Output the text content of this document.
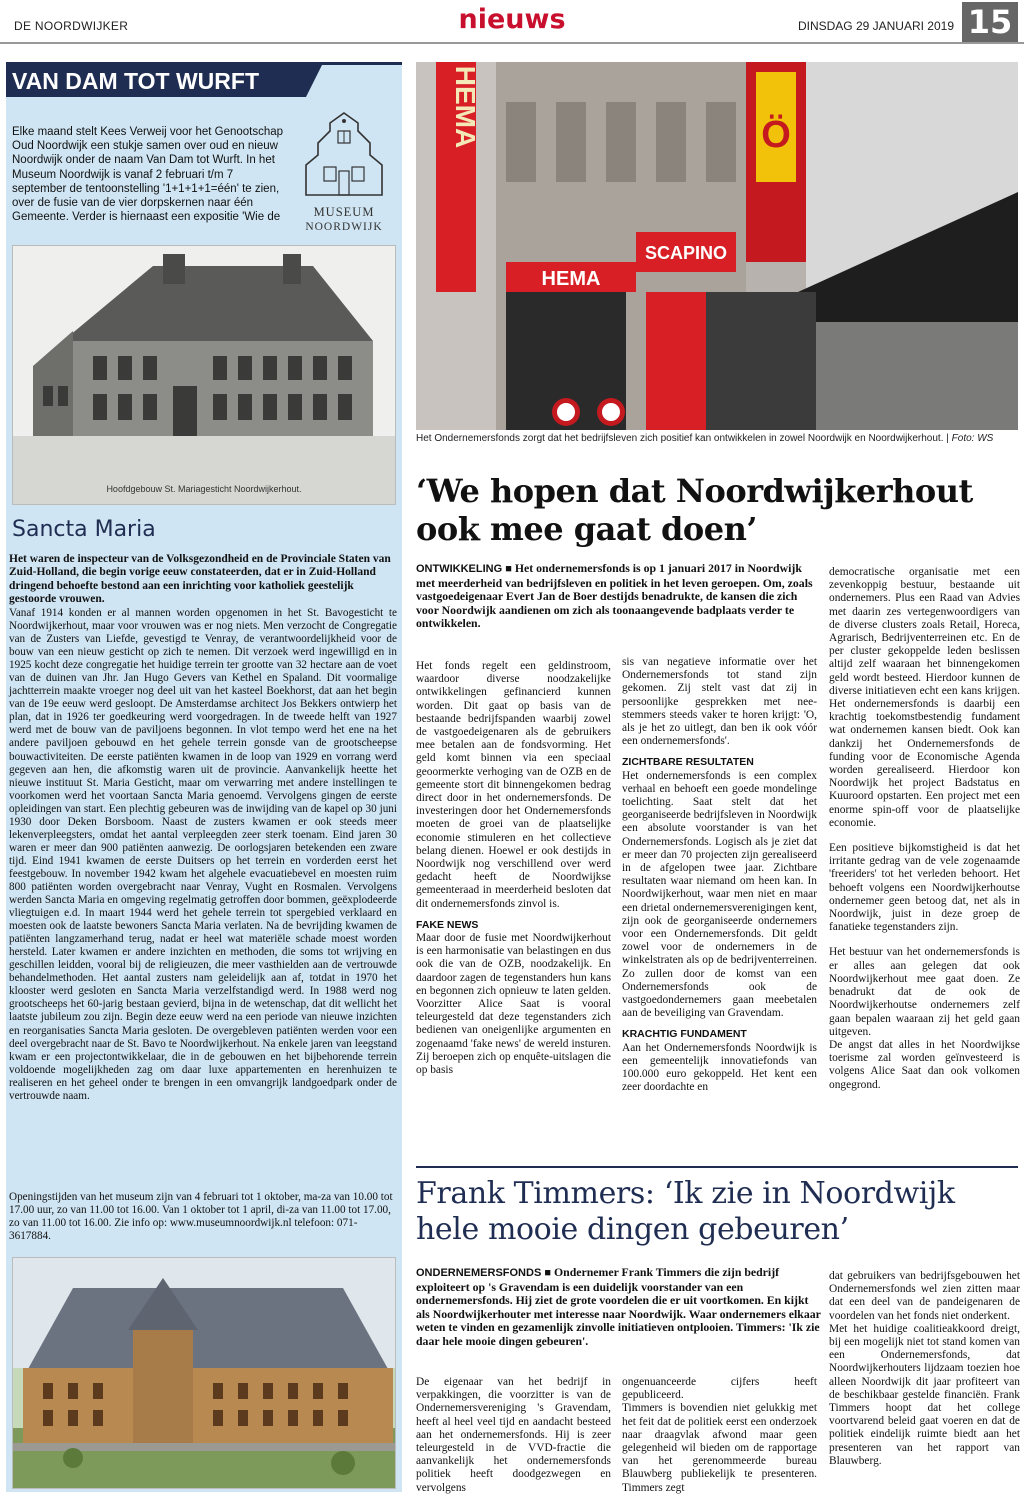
DE NOORDWIJKER	nieuws	DINSDAG 29 JANUARI 2019 15
VAN DAM TOT WURFT
Elke maand stelt Kees Verweij voor het Genootschap Oud Noordwijk een stukje samen over oud en nieuw Noordwijk onder de naam Van Dam tot Wurft. In het Museum Noordwijk is vanaf 2 februari t/m 7 september de tentoonstelling '1+1+1+1=één' te zien, over de fusie van de vier dorpskernen naar één Gemeente. Verder is hiernaast een expositie 'Wie de	MUSEUM
NOORDWIJK
Hoofdgebouw St. Mariagesticht Noordwijkerhout.
Sancta Maria
Het waren de inspecteur van de Volksgezondheid en de Provinciale Staten van Zuid-Holland, die begin vorige eeuw constateerden, dat er in Zuid-Holland dringend behoefte bestond aan een inrichting voor katholiek geestelijk gestoorde vrouwen.
Vanaf 1914 konden er al mannen worden opgenomen in het St. Bavogesticht te Noordwijkerhout, maar voor vrouwen was er nog niets. Men verzocht de Congregatie van de Zusters van Liefde, gevestigd te Venray, de verantwoordelijkheid voor de bouw van een nieuw gesticht op zich te nemen. Dit verzoek werd ingewilligd en in 1925 kocht deze congregatie het huidige terrein ter grootte van 32 hectare aan de voet van de duinen van Jhr. Jan Hugo Gevers van Kethel en Spaland. Dit voormalige jachtterrein maakte vroeger nog deel uit van het kasteel Boekhorst, dat aan het begin van de 19e eeuw werd gesloopt. De Amsterdamse architect Jos Bekkers ontwierp het plan, dat in 1926 ter goedkeuring werd voorgedragen. In de tweede helft van 1927 werd met de bouw van de paviljoens begonnen. In vlot tempo werd het ene na het andere paviljoen gebouwd en het gehele terrein gonsde van de grootscheepse bouwactiviteiten. De eerste patiënten kwamen in de loop van 1929 en vorrang werd gegeven aan hen, die afkomstig waren uit de provincie. Aanvankelijk heette het nieuwe instituut St. Maria Gesticht, maar om verwarring met andere instellingen te voorkomen werd het voortaan Sancta Maria genoemd. Vervolgens gingen de eerste opleidingen van start. Een plechtig gebeuren was de inwijding van de kapel op 30 juni 1930 door Deken Borsboom. Naast de zusters kwamen er ook steeds meer lekenverpleegsters, omdat het aantal verpleegden zeer sterk toenam. Eind jaren 30 waren er meer dan 900 patiënten aanwezig. De oorlogsjaren betekenden een zware tijd. Eind 1941 kwamen de eerste Duitsers op het terrein en vorderden eerst het feestgebouw. In november 1942 kwam het algehele evacuatiebevel en moesten ruim 800 patiënten worden overgebracht naar Venray, Vught en Rosmalen. Vervolgens werden Sancta Maria en omgeving regelmatig getroffen door bommen, geëxplodeerde vliegtuigen e.d. In maart 1944 werd het gehele terrein tot spergebied verklaard en moesten ook de laatste bewoners Sancta Maria verlaten. Na de bevrijding kwamen de patiënten langzamerhand terug, nadat er heel wat materiële schade moest worden hersteld. Later kwamen er andere inzichten en methoden, die soms tot wrijving en geschillen leidden, vooral bij de religieuzen, die meer vasthielden aan de vertrouwde behandelmethoden. Het aantal zusters nam geleidelijk aan af, totdat in 1970 het klooster werd gesloten en Sancta Maria verzelfstandigd werd. In 1988 werd nog grootscheeps het 60-jarig bestaan gevierd, bijna in de wetenschap, dat dit wellicht het laatste jubileum zou zijn. Begin deze eeuw werd na een periode van nieuwe inzichten en reorganisaties Sancta Maria gesloten. De overgebleven patiënten werden voor een deel overgebracht naar de St. Bavo te Noordwijkerhout. Na enkele jaren van leegstand kwam er een projectontwikkelaar, die in de gebouwen en het bijbehorende terrein voldoende mogelijkheden zag om daar luxe appartementen en herenhuizen te realiseren en het geheel onder te brengen in een omvangrijk landgoedpark onder de vertrouwde naam.
Openingstijden van het museum zijn van 4 februari tot 1 oktober, ma-za van 10.00 tot 17.00 uur, zo van 11.00 tot 16.00. Van 1 oktober tot 1 april, di-za van 11.00 tot 17.00, zo van 11.00 tot 16.00. Zie info op: www.museumnoordwijk.nl telefoon: 071-3617884.
HEMA
HEMA
SCAPINO
Ö
Het Ondernemersfonds zorgt dat het bedrijfsleven zich positief kan ontwikkelen in zowel Noordwijk en Noordwijkerhout. | Foto: WS
‘We hopen dat Noordwijkerhout ook mee gaat doen’
ONTWIKKELING ■ Het ondernemersfonds is op 1 januari 2017 in Noordwijk met meerderheid van bedrijfsleven en politiek in het leven geroepen. Om, zoals vastgoedeigenaar Evert Jan de Boer destijds benadrukte, de kansen die zich voor Noordwijk aandienen om zich als toonaangevende badplaats verder te ontwikkelen.

Het fonds regelt een geldinstroom, waardoor diverse noodzakelijke ontwikkelingen gefinancierd kunnen worden. Dit gaat op basis van de bestaande bedrijfspanden waarbij zowel de vastgoedeigenaren als de gebruikers mee betalen aan de fondsvorming. Het geld komt binnen via een speciaal geoormerkte verhoging van de OZB en de gemeente stort dit binnengekomen bedrag direct door in het ondernemersfonds. De investeringen door het Ondernemersfonds moeten de groei van de plaatselijke economie stimuleren en het collectieve belang dienen. Hoewel er ook destijds in Noordwijk nog verschillend over werd gedacht heeft de Noordwijkse gemeenteraad in meerderheid besloten dat dit ondernemersfonds zinvol is.

FAKE NEWS

Maar door de fusie met Noordwijkerhout is een harmonisatie van belastingen en dus ook die van de OZB, noodzakelijk. En daardoor zagen de tegenstanders hun kans en begonnen zich opnieuw te laten gelden. Voorzitter Alice Saat is vooral teleurgesteld dat deze tegenstanders zich bedienen van oneigenlijke argumenten en zogenaamd 'fake news' de wereld insturen. Zij beroepen zich op enquête-uitslagen die op basis

sis van negatieve informatie over het Ondernemersfonds tot stand zijn gekomen. Zij stelt vast dat zij in persoonlijke gesprekken met nee-stemmers steeds vaker te horen krijgt: 'O, als je het zo uitlegt, dan ben ik ook vóór een ondernemersfonds'.

ZICHTBARE RESULTATEN

Het ondernemersfonds is een complex verhaal en behoeft een goede mondelinge toelichting. Saat stelt dat het georganiseerde bedrijfsleven in Noordwijk een absolute voorstander is van het Ondernemersfonds. Logisch als je ziet dat er meer dan 70 projecten zijn gerealiseerd in de afgelopen twee jaar. Zichtbare resultaten waar niemand om heen kan. In Noordwijkerhout, waar men niet en maar een drietal ondernemersverenigingen kent, zijn ook de georganiseerde ondernemers voor een Ondernemersfonds. Dit geldt zowel voor de ondernemers in de winkelstraten als op de bedrijventerreinen. Zo zullen door de komst van een Ondernemersfonds ook de vastgoedondernemers gaan meebetalen aan de beveiliging van Gravendam.

KRACHTIG FUNDAMENT

Aan het Ondernemersfonds Noordwijk is een gemeentelijk innovatiefonds van 100.000 euro gekoppeld. Het kent een zeer doordachte en

democratische organisatie met een zevenkoppig bestuur, bestaande uit ondernemers. Plus een Raad van Advies met daarin zes vertegenwoordigers van de diverse clusters zoals Retail, Horeca, Agrarisch, Bedrijventerreinen etc. En de per cluster gekoppelde leden beslissen altijd zelf waaraan het binnengekomen geld wordt besteed. Hierdoor kunnen de diverse initiatieven echt een kans krijgen. Het ondernemersfonds is daarbij een krachtig toekomstbestendig fundament wat ondernemen kansen biedt. Ook kan dankzij het Ondernemersfonds de funding voor de Economische Agenda worden gerealiseerd. Hierdoor kon Noordwijk het project Badstatus en Kuuroord opstarten. Een project met een enorme spin-off voor de plaatselijke economie.

Een positieve bijkomstigheid is dat het irritante gedrag van de vele zogenaamde 'freeriders' tot het verleden behoort. Het behoeft volgens een Noordwijkerhoutse ondernemer geen betoog dat, net als in Noordwijk, juist in deze groep de fanatieke tegenstanders zijn.

Het bestuur van het ondernemersfonds is er alles aan gelegen dat ook Noordwijkerhout mee gaat doen. Ze benadrukt dat de ook de Noordwijkerhoutse ondernemers zelf gaan bepalen waaraan zij het geld gaan uitgeven.

De angst dat alles in het Noordwijkse toerisme zal worden geïnvesteerd is volgens Alice Saat dan ook volkomen ongegrond.

Frank Timmers: ‘Ik zie in Noordwijk hele mooie dingen gebeuren’
ONDERNEMERSFONDS ■ Ondernemer Frank Timmers die zijn bedrijf exploiteert op 's Gravendam is een duidelijk voorstander van een ondernemersfonds. Hij ziet de grote voordelen die er uit voortkomen. En kijkt als Noordwijkerhouter met interesse naar Noordwijk. Waar ondernemers elkaar weten te vinden en gezamenlijk zinvolle initiatieven ontplooien. Timmers: 'Ik zie daar hele mooie dingen gebeuren'.

De eigenaar van het bedrijf in verpakkingen, die voorzitter is van de Ondernemersvereniging 's Gravendam, heeft al heel veel tijd en aandacht besteed aan het ondernemersfonds. Hij is zeer teleurgesteld in de VVD-fractie die aanvankelijk het ondernemersfonds politiek heeft doodgezwegen en vervolgens

ongenuanceerde cijfers heeft gepubliceerd.

Timmers is bovendien niet gelukkig met het feit dat de politiek eerst een onderzoek naar draagvlak afwond maar geen gelegenheid wil bieden om de rapportage van het gerenommeerde bureau Blauwberg publiekelijk te presenteren. Timmers zegt

dat gebruikers van bedrijfsgebouwen het Ondernemersfonds wel zien zitten maar dat een deel van de pandeigenaren de voordelen van het fonds niet onderkent.

Met het huidige coalitieakkoord dreigt, bij een mogelijk niet tot stand komen van een Ondernemersfonds, dat Noordwijkerhouters lijdzaam toezien hoe alleen Noordwijk dit jaar profiteert van de beschikbaar gestelde financiën. Frank Timmers hoopt dat het college voortvarend beleid gaat voeren en dat de politiek eindelijk ruimte biedt aan het presenteren van het rapport van Blauwberg.
